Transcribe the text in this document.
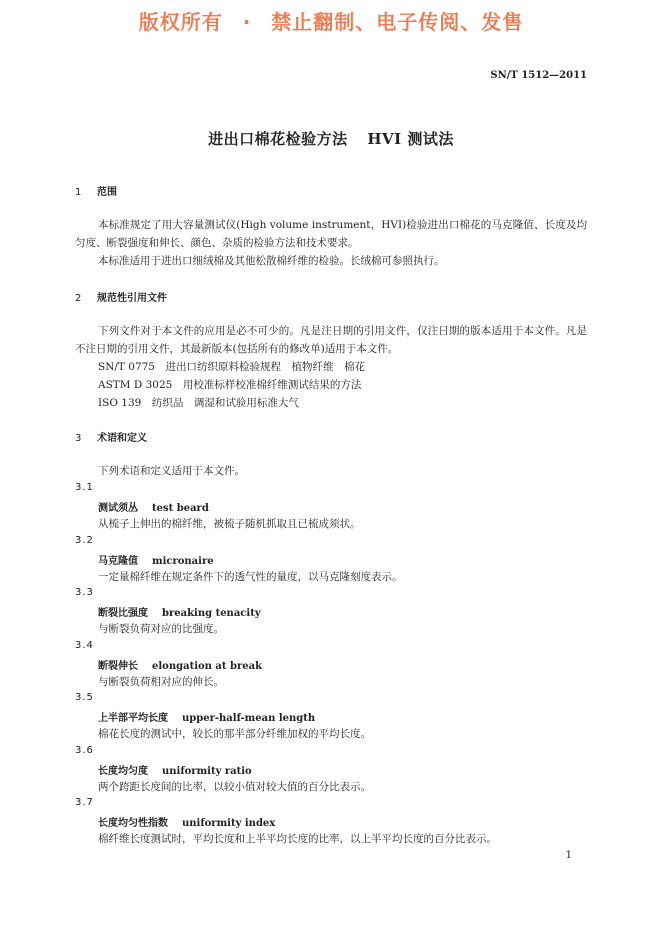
版权所有 · 禁止翻制、电子传阅、发售
SN/T 1512—2011
进出口棉花检验方法 HVI 测试法
1 范围

本标准规定了用大容量测试仪(High volume instrument，HVI)检验进出口棉花的马克隆值、长度及均匀度、断裂强度和伸长、颜色、杂质的检验方法和技术要求。

本标准适用于进出口细绒棉及其他松散棉纤维的检验。长绒棉可参照执行。

2 规范性引用文件

下列文件对于本文件的应用是必不可少的。凡是注日期的引用文件，仅注日期的版本适用于本文件。凡是不注日期的引用文件，其最新版本(包括所有的修改单)适用于本文件。

SN/T 0775　进出口纺织原料检验规程　植物纤维　棉花

ASTM D 3025　用校准标样校准棉纤维测试结果的方法

ISO 139　纺织品　调湿和试验用标准大气

3 术语和定义

下列术语和定义适用于本文件。

3.1
测试须丛 test beard
从梳子上伸出的棉纤维，被梳子随机抓取且已梳成须状。
3.2
马克隆值 micronaire
一定量棉纤维在规定条件下的透气性的量度，以马克隆刻度表示。
3.3
断裂比强度 breaking tenacity
与断裂负荷对应的比强度。
3.4
断裂伸长 elongation at break
与断裂负荷相对应的伸长。
3.5
上半部平均长度 upper-half-mean length
棉花长度的测试中，较长的那半部分纤维加权的平均长度。
3.6
长度均匀度 uniformity ratio
两个跨距长度间的比率，以较小值对较大值的百分比表示。
3.7
长度均匀性指数 uniformity index
棉纤维长度测试时，平均长度和上半平均长度的比率，以上半平均长度的百分比表示。
1
